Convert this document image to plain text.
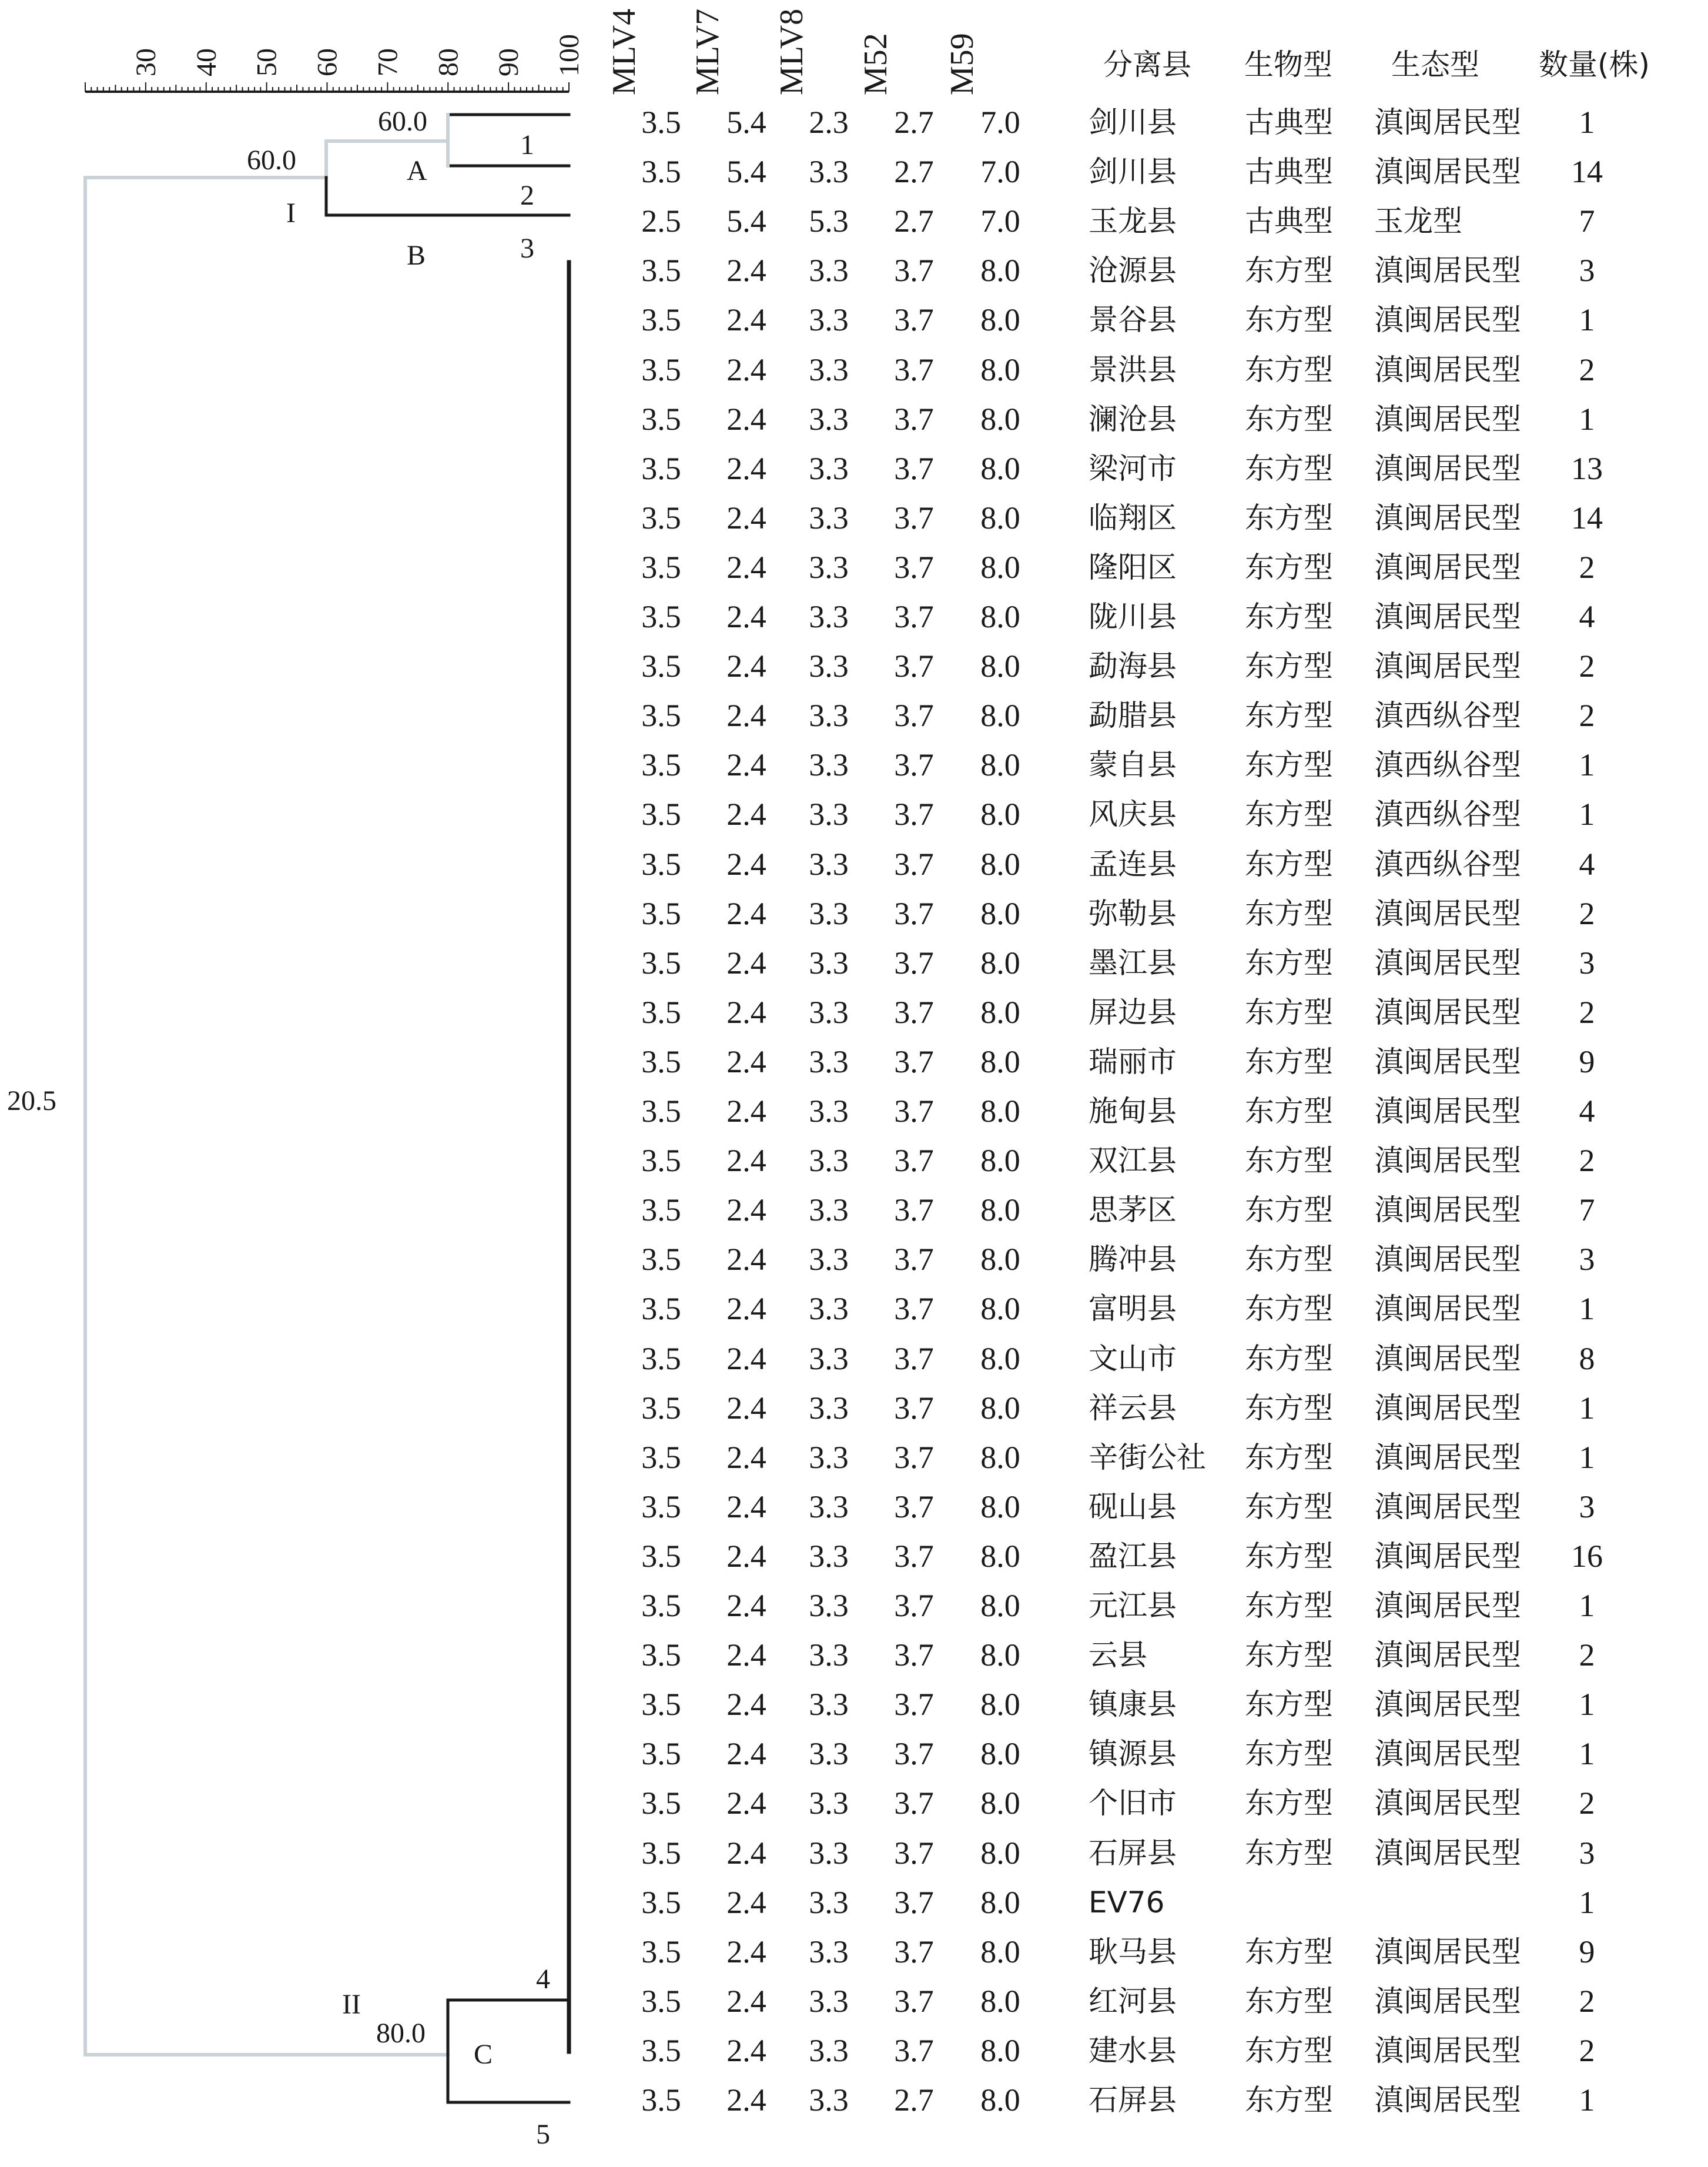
30 40 50 60 70 80 90 100
20.5
60.0
60.0
80.0
I
A
B
II
C
1
2
3
4
5
MLV4 MLV7 MLV8 M52 M59	分离县 生物型 生态型 数量(株)
3.5	5.4	2.3	2.7	7.0	剑川县 古典型 滇闽居民型	1
3.5	5.4	3.3	2.7	7.0	剑川县 古典型 滇闽居民型	14
2.5	5.4	5.3	2.7	7.0	玉龙县 古典型 玉龙型	7
3.5	2.4	3.3	3.7	8.0	沧源县 东方型 滇闽居民型	3
3.5	2.4	3.3	3.7	8.0	景谷县 东方型 滇闽居民型	1
3.5	2.4	3.3	3.7	8.0	景洪县 东方型 滇闽居民型	2
3.5	2.4	3.3	3.7	8.0	澜沧县 东方型 滇闽居民型	1
3.5	2.4	3.3	3.7	8.0	梁河市 东方型 滇闽居民型	13
3.5	2.4	3.3	3.7	8.0	临翔区 东方型 滇闽居民型	14
3.5	2.4	3.3	3.7	8.0	隆阳区 东方型 滇闽居民型	2
3.5	2.4	3.3	3.7	8.0	陇川县 东方型 滇闽居民型	4
3.5	2.4	3.3	3.7	8.0	勐海县 东方型 滇闽居民型	2
3.5	2.4	3.3	3.7	8.0	勐腊县 东方型 滇西纵谷型	2
3.5	2.4	3.3	3.7	8.0	蒙自县 东方型 滇西纵谷型	1
3.5	2.4	3.3	3.7	8.0	风庆县 东方型 滇西纵谷型	1
3.5	2.4	3.3	3.7	8.0	孟连县 东方型 滇西纵谷型	4
3.5	2.4	3.3	3.7	8.0	弥勒县 东方型 滇闽居民型	2
3.5	2.4	3.3	3.7	8.0	墨江县 东方型 滇闽居民型	3
3.5	2.4	3.3	3.7	8.0	屏边县 东方型 滇闽居民型	2
3.5	2.4	3.3	3.7	8.0	瑞丽市 东方型 滇闽居民型	9
3.5	2.4	3.3	3.7	8.0	施甸县 东方型 滇闽居民型	4
3.5	2.4	3.3	3.7	8.0	双江县 东方型 滇闽居民型	2
3.5	2.4	3.3	3.7	8.0	思茅区 东方型 滇闽居民型	7
3.5	2.4	3.3	3.7	8.0	腾冲县 东方型 滇闽居民型	3
3.5	2.4	3.3	3.7	8.0	富明县 东方型 滇闽居民型	1
3.5	2.4	3.3	3.7	8.0	文山市 东方型 滇闽居民型	8
3.5	2.4	3.3	3.7	8.0	祥云县 东方型 滇闽居民型	1
3.5	2.4	3.3	3.7	8.0	辛街公社 东方型 滇闽居民型	1
3.5	2.4	3.3	3.7	8.0	砚山县 东方型 滇闽居民型	3
3.5	2.4	3.3	3.7	8.0	盈江县 东方型 滇闽居民型	16
3.5	2.4	3.3	3.7	8.0	元江县 东方型 滇闽居民型	1
3.5	2.4	3.3	3.7	8.0	云县	东方型 滇闽居民型	2
3.5	2.4	3.3	3.7	8.0	镇康县 东方型 滇闽居民型	1
3.5	2.4	3.3	3.7	8.0	镇源县 东方型 滇闽居民型	1
3.5	2.4	3.3	3.7	8.0	个旧市 东方型 滇闽居民型	2
3.5	2.4	3.3	3.7	8.0	石屏县 东方型 滇闽居民型	3
3.5	2.4	3.3	3.7	8.0	EV76	1
3.5	2.4	3.3	3.7	8.0	耿马县 东方型 滇闽居民型	9
3.5	2.4	3.3	3.7	8.0	红河县 东方型 滇闽居民型	2
3.5	2.4	3.3	3.7	8.0	建水县 东方型 滇闽居民型	2
3.5	2.4	3.3	2.7	8.0	石屏县 东方型 滇闽居民型	1
